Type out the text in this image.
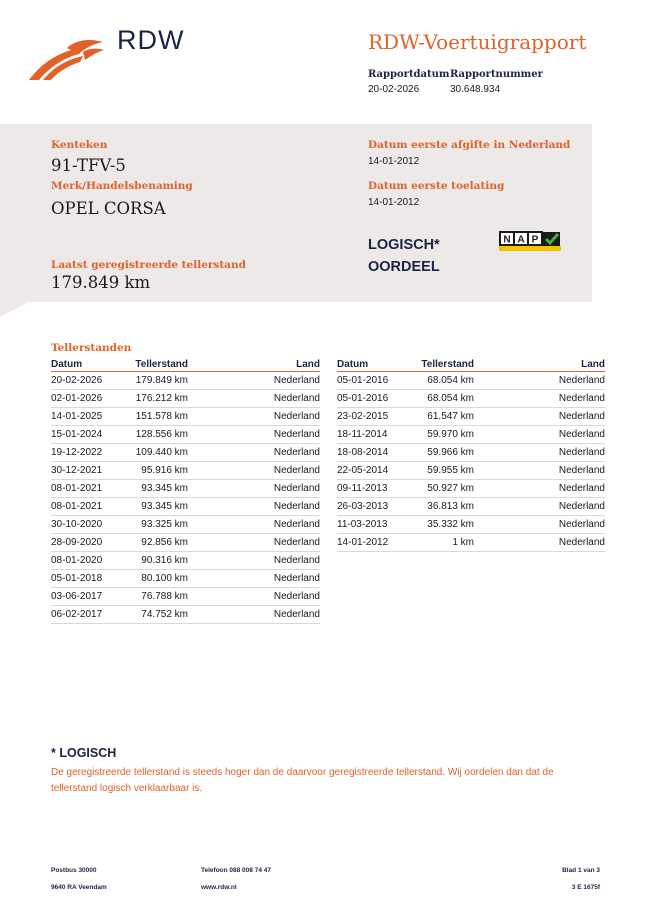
RDW	RDW-Voertuigrapport
Rapportdatum Rapportnummer
20-02-2026	30.648.934
Kenteken
91-TFV-5
Merk/Handelsbenaming
OPEL CORSA
Laatst geregistreerde tellerstand
179.849 km
Datum eerste afgifte in Nederland
14-01-2012
Datum eerste toelating
14-01-2012
LOGISCH*
OORDEEL
N A P
Tellerstanden
Datum	Tellerstand	Land
20-02-2026	179.849 km	Nederland
02-01-2026	176.212 km	Nederland
14-01-2025	151.578 km	Nederland
15-01-2024	128.556 km	Nederland
19-12-2022	109.440 km	Nederland
30-12-2021	95.916 km	Nederland
08-01-2021	93.345 km	Nederland
08-01-2021	93.345 km	Nederland
30-10-2020	93.325 km	Nederland
28-09-2020	92.856 km	Nederland
08-01-2020	90.316 km	Nederland
05-01-2018	80.100 km	Nederland
03-06-2017	76.788 km	Nederland
06-02-2017	74.752 km	Nederland
Datum	Tellerstand	Land
05-01-2016	68.054 km	Nederland
05-01-2016	68.054 km	Nederland
23-02-2015	61.547 km	Nederland
18-11-2014	59.970 km	Nederland
18-08-2014	59.966 km	Nederland
22-05-2014	59.955 km	Nederland
09-11-2013	50.927 km	Nederland
26-03-2013	36.813 km	Nederland
11-03-2013	35.332 km	Nederland
14-01-2012	1 km	Nederland
* LOGISCH
De geregistreerde tellerstand is steeds hoger dan de daarvoor geregistreerde tellerstand. Wij oordelen dan dat de tellerstand logisch verklaarbaar is.
Postbus 30000
9640 RA Veendam
Telefoon 088 008 74 47
www.rdw.nl
Blad 1 van 3
3 E 1675f
